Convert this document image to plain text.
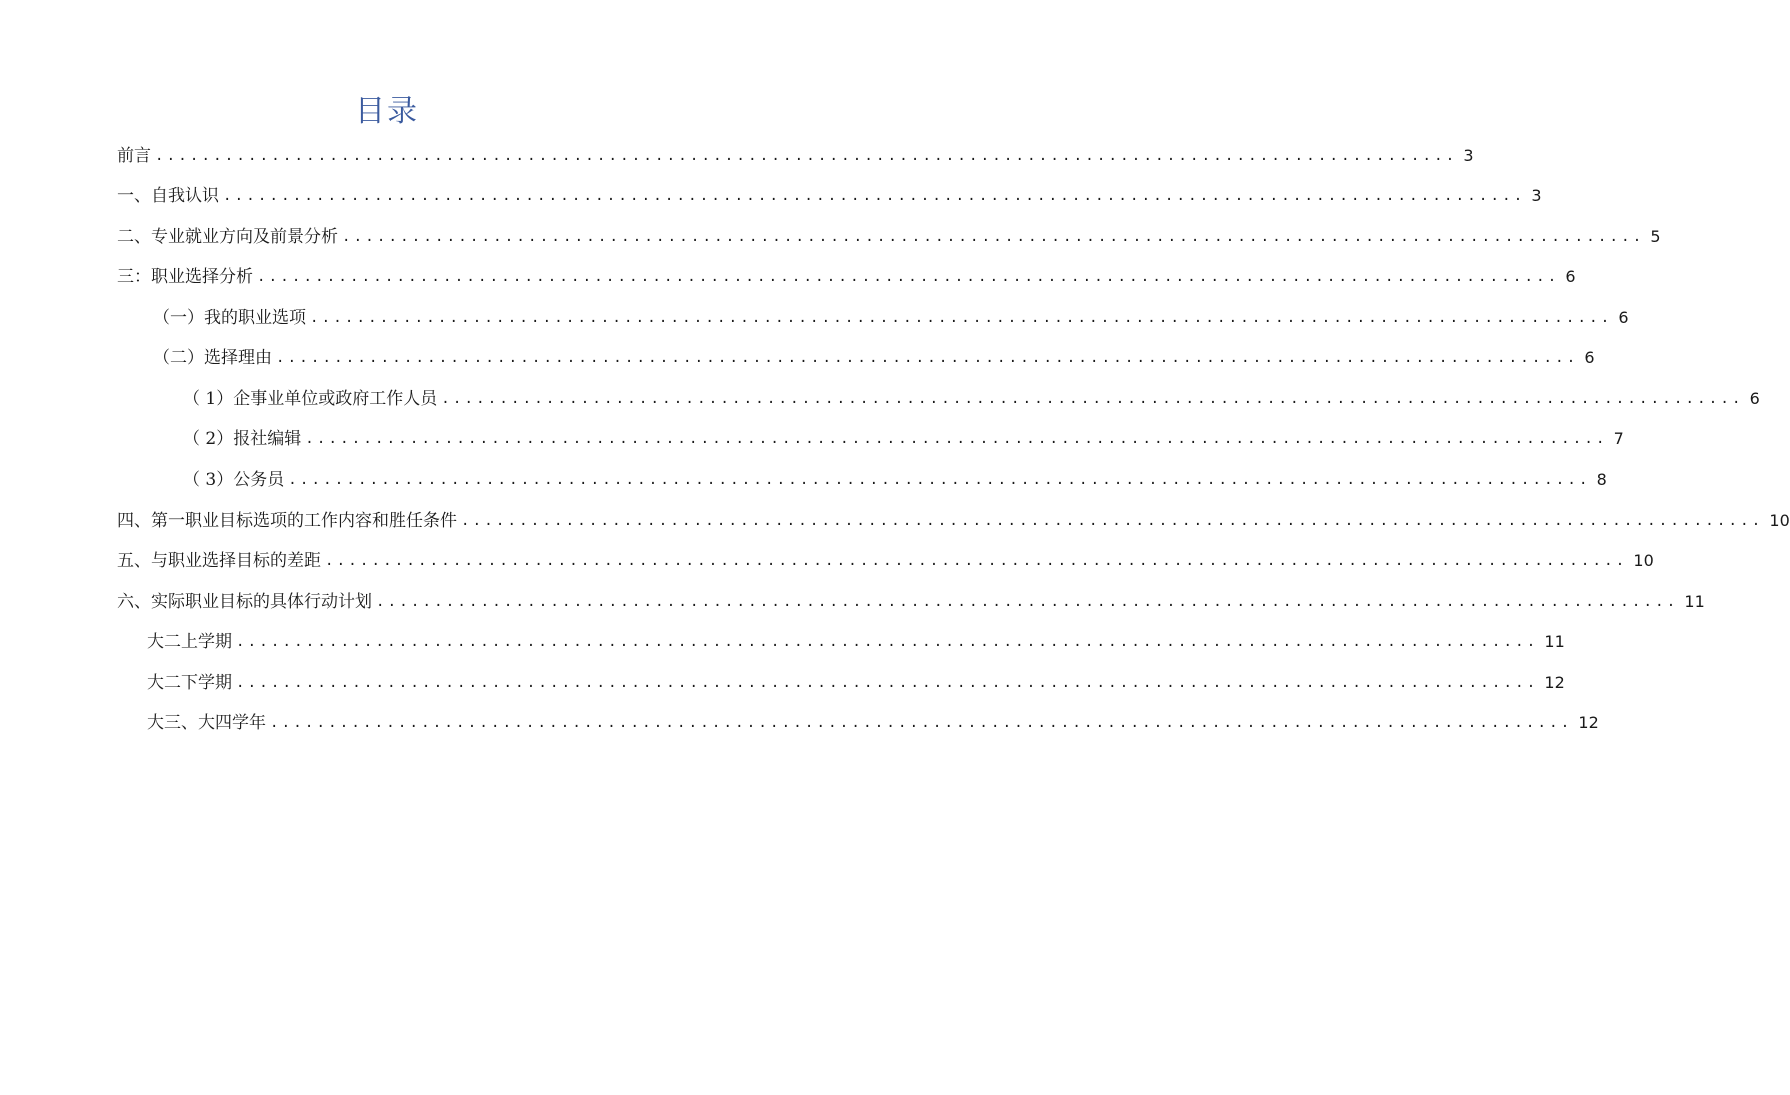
目录
前言 ................................................................................................................ 3
一、自我认识 ................................................................................................................ 3
二、专业就业方向及前景分析 ................................................................................................................ 5
三：职业选择分析 ................................................................................................................ 6
（一）我的职业选项 ................................................................................................................ 6
（二）选择理由 ................................................................................................................ 6
（ 1）企事业单位或政府工作人员 ................................................................................................................ 6
（ 2）报社编辑 ................................................................................................................ 7
（ 3）公务员 ................................................................................................................ 8
四、第一职业目标选项的工作内容和胜任条件 ................................................................................................................ 10
五、与职业选择目标的差距 ................................................................................................................ 10
六、实际职业目标的具体行动计划 ................................................................................................................ 11
大二上学期 ................................................................................................................ 11
大二下学期 ................................................................................................................ 12
大三、大四学年 ................................................................................................................ 12
